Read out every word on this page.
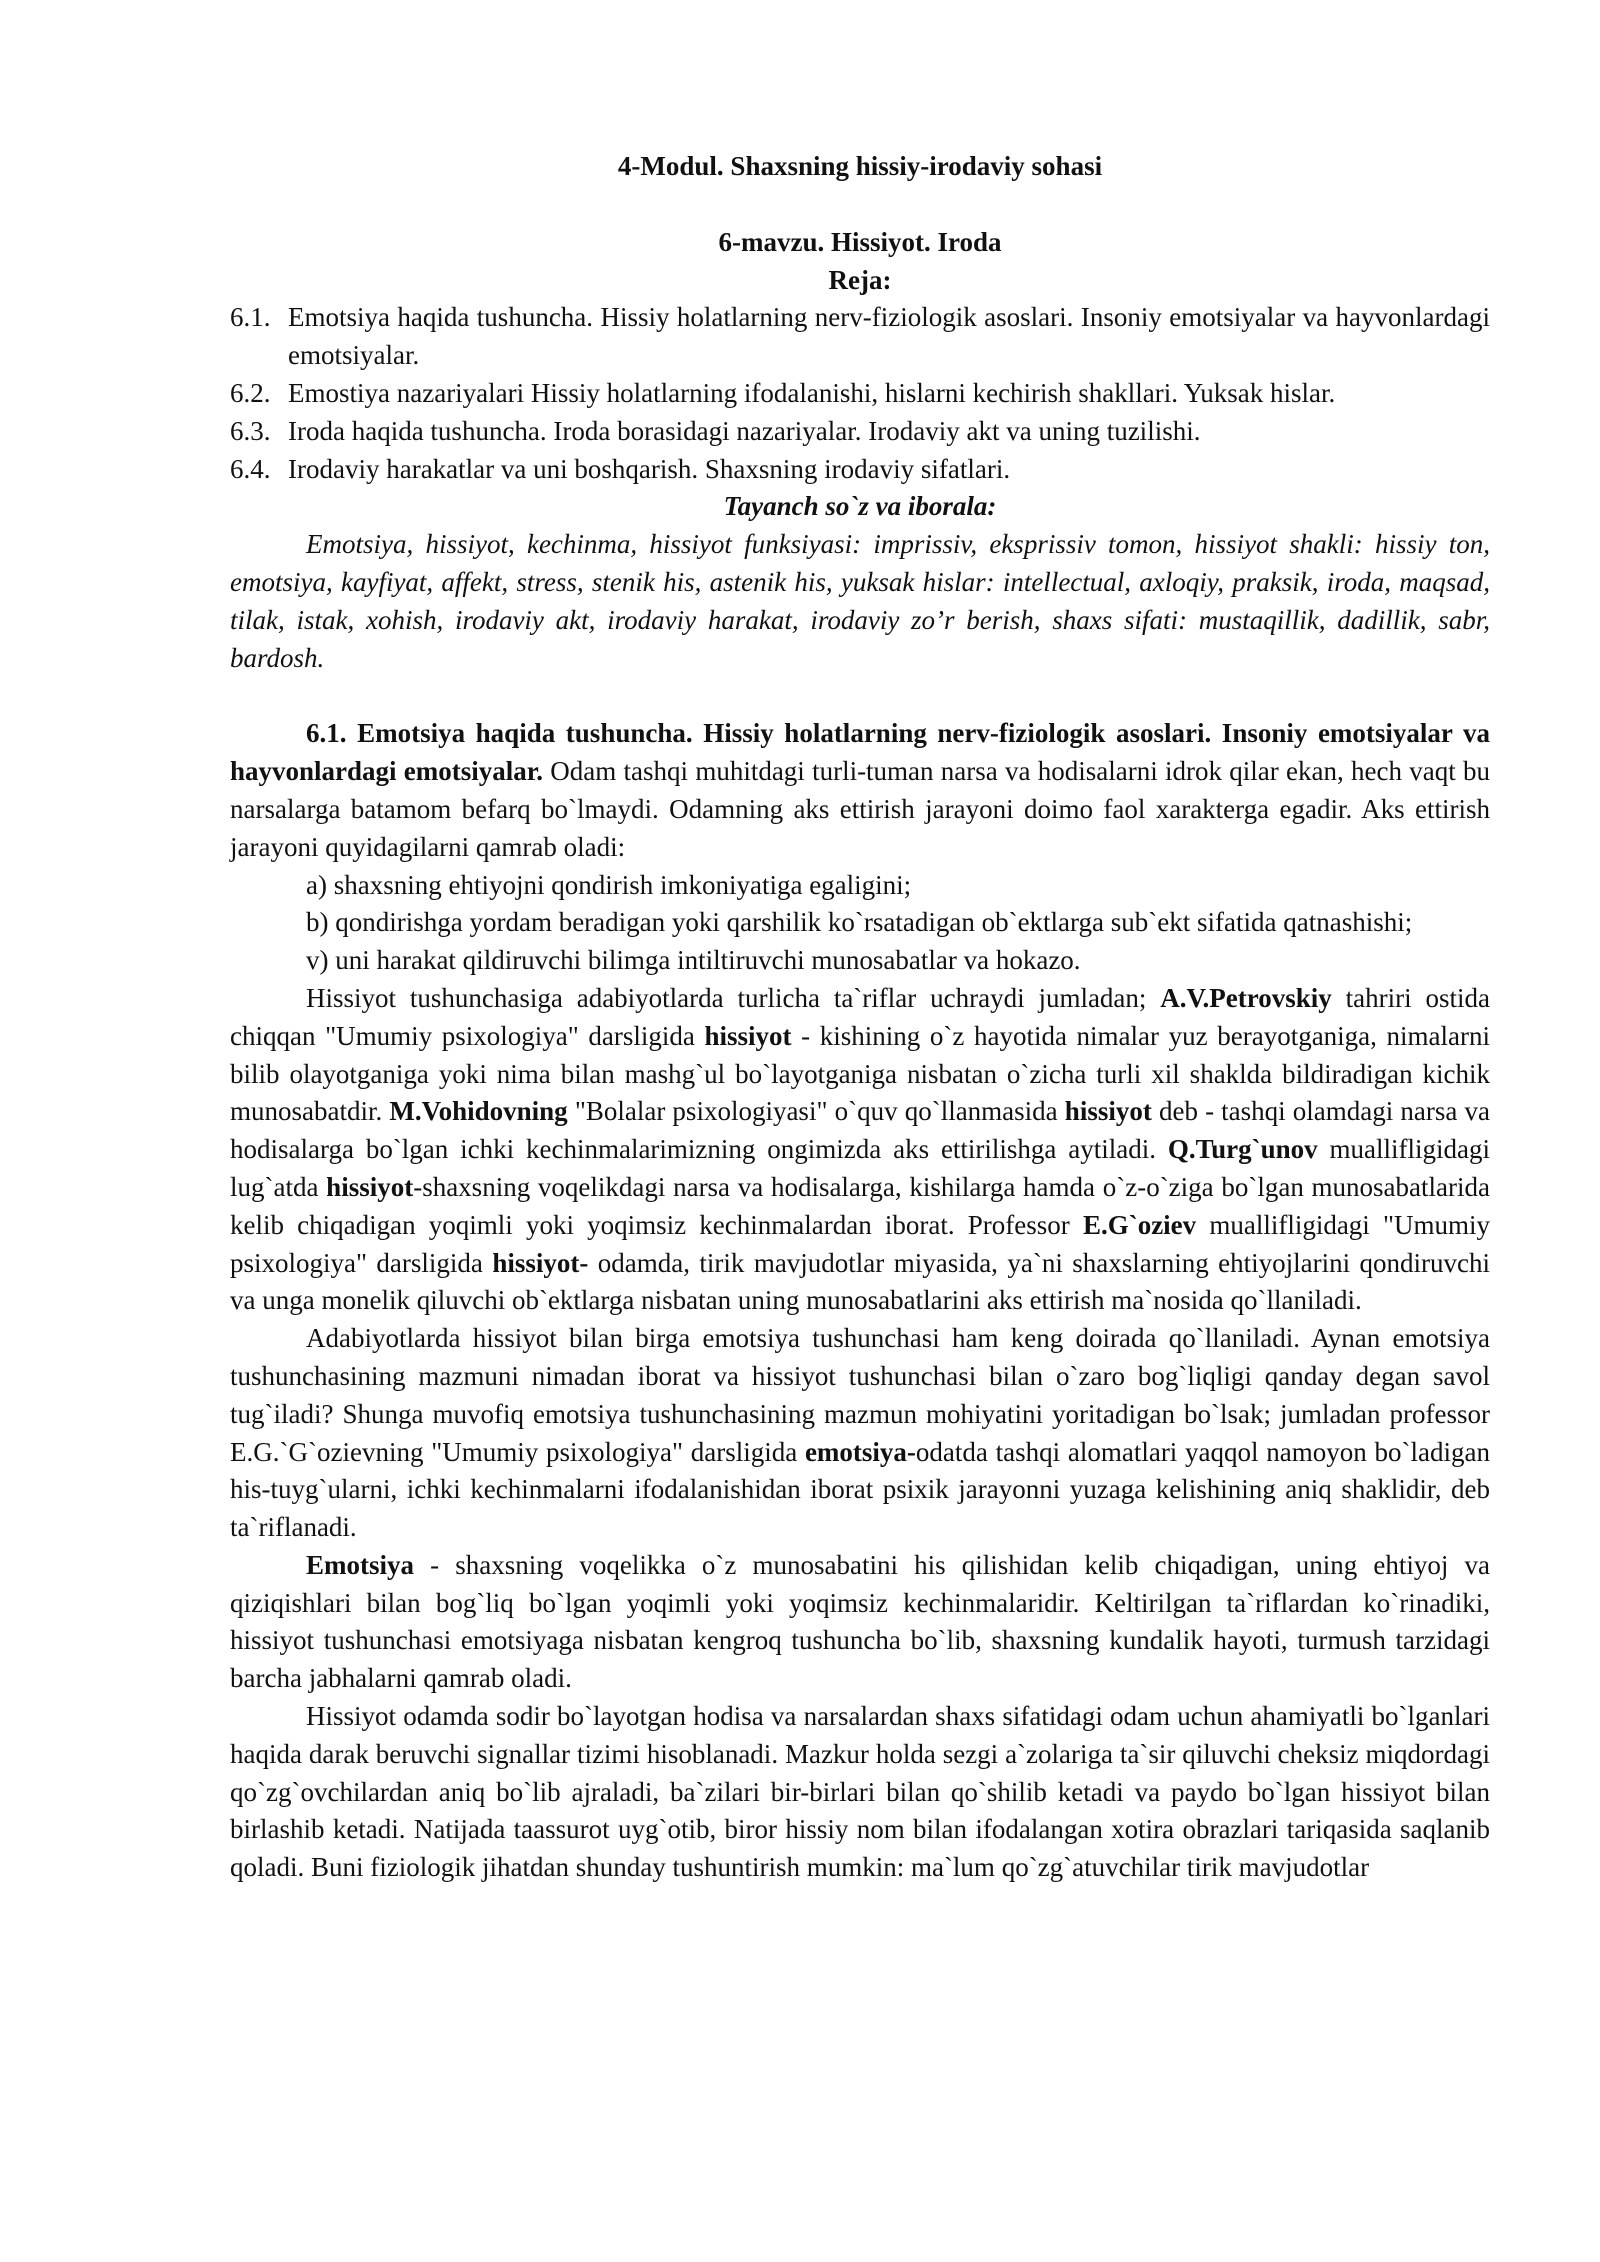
4-Modul. Shaxsning hissiy-irodaviy sohasi
6-mavzu. Hissiyot. Iroda
Reja:
6.1. Emotsiya haqida tushuncha. Hissiy holatlarning nerv-fiziologik asoslari. Insoniy emotsiyalar va hayvonlardagi emotsiyalar.
6.2. Emostiya nazariyalari Hissiy holatlarning ifodalanishi, hislarni kechirish shakllari. Yuksak hislar.
6.3. Iroda haqida tushuncha. Iroda borasidagi nazariyalar. Irodaviy akt va uning tuzilishi.
6.4. Irodaviy harakatlar va uni boshqarish. Shaxsning irodaviy sifatlari.
Tayanch so`z va iborala:

Emotsiya, hissiyot, kechinma, hissiyot funksiyasi: imprissiv, ekspriss​iv tomon, hissiyot shakli: hissiy ton, emotsiya, kayfiyat, affekt, stress, stenik his, astenik his, yuksak hislar: intellectual, axloqiy, praksik, iroda, maqsad, tilak, istak, xohish, irodaviy akt, irodaviy harakat, irodaviy zo’r berish, shaxs sifati: mustaqillik, dadillik, sabr, bardosh.

6.1. Emotsiya haqida tushuncha. Hissiy holatlarning nerv-fiziologik asoslari. Insoniy emotsiyalar va hayvonlardagi emotsiyalar. Odam tashqi muhitdagi turli-tuman narsa va hodisalarni idrok qilar ekan, hech vaqt bu narsalarga batamom befarq bo`lmaydi. Odamning aks ettirish jarayoni doimo faol xarakterga egadir. Aks ettirish jarayoni quyidagilarni qamrab oladi:

a) shaxsning ehtiyojni qondirish imkoniyatiga egaligini;

b) qondirishga yordam beradigan yoki qarshilik ko`rsatadigan ob`ektlarga sub`ekt sifatida qatnashishi;

v) uni harakat qildiruvchi bilimga intiltiruvchi munosabatlar va hokazo.

Hissiyot tushunchasiga adabiyotlarda turlicha ta`riflar uchraydi jumladan; A.V.Petrovskiy tahriri ostida chiqqan "Umumiy psixologiya" darsligida hissiyot - kishining o`z hayotida nimalar yuz berayotganiga, nimalarni bilib olayotganiga yoki nima bilan mashg`ul bo`layotganiga nisbatan o`zicha turli xil shaklda bildiradigan kichik munosabatdir. M.Vohidovning "Bolalar psixologiyasi" o`quv qo`llanmasida hissiyot deb - tashqi olamdagi narsa va hodisalarga bo`lgan ichki kechinmalarimizning ongimizda aks ettirilishga aytiladi. Q.Turg`unov muallifligidagi lug`atda hissiyot-shaxsning voqelikdagi narsa va hodisalarga, kishilarga hamda o`z-o`ziga bo`lgan munosabatlarida kelib chiqadigan yoqimli yoki yoqimsiz kechinmalardan iborat. Professor E.G`oziev muallifligidagi "Umumiy psixologiya" darsligida hissiyot- odamda, tirik mavjudotlar miyasida, ya`ni shaxslarning ehtiyojlarini qondiruvchi va unga monelik qiluvchi ob`ektlarga nisbatan uning munosabatlarini aks ettirish ma`nosida qo`llaniladi.

Adabiyotlarda hissiyot bilan birga emotsiya tushunchasi ham keng doirada qo`llaniladi. Aynan emotsiya tushunchasining mazmuni nimadan iborat va hissiyot tushunchasi bilan o`zaro bog`liqligi qanday degan savol tug`iladi? Shunga muvofiq emotsiya tushunchasining mazmun mohiyatini yoritadigan bo`lsak; jumladan professor E.G.`G`ozievning "Umumiy psixologiya" darsligida emotsiya-odatda tashqi alomatlari yaqqol namoyon bo`ladigan his-tuyg`ularni, ichki kechinmalarni ifodalanishidan iborat psixik jarayonni yuzaga kelishining aniq shaklidir, deb ta`riflanadi.

Emotsiya - shaxsning voqelikka o`z munosabatini his qilishidan kelib chiqadigan, uning ehtiyoj va qiziqishlari bilan bog`liq bo`lgan yoqimli yoki yoqimsiz kechinmalaridir. Keltirilgan ta`riflardan ko`rinadiki, hissiyot tushunchasi emotsiyaga nisbatan kengroq tushuncha bo`lib, shaxsning kundalik hayoti, turmush tarzidagi barcha jabhalarni qamrab oladi.

Hissiyot odamda sodir bo`layotgan hodisa va narsalardan shaxs sifatidagi odam uchun ahamiyatli bo`lganlari haqida darak beruvchi signallar tizimi hisoblanadi. Mazkur holda sezgi a`zolariga ta`sir qiluvchi cheksiz miqdordagi qo`zg`ovchilardan aniq bo`lib ajraladi, ba`zilari bir-birlari bilan qo`shilib ketadi va paydo bo`lgan hissiyot bilan birlashib ketadi. Natijada taassurot uyg`otib, biror hissiy nom bilan ifodalangan xotira obrazlari tariqasida saqlanib qoladi. Buni fiziologik jihatdan shunday tushuntirish mumkin: ma`lum qo`zg`atuvchilar tirik mavjudotlar
